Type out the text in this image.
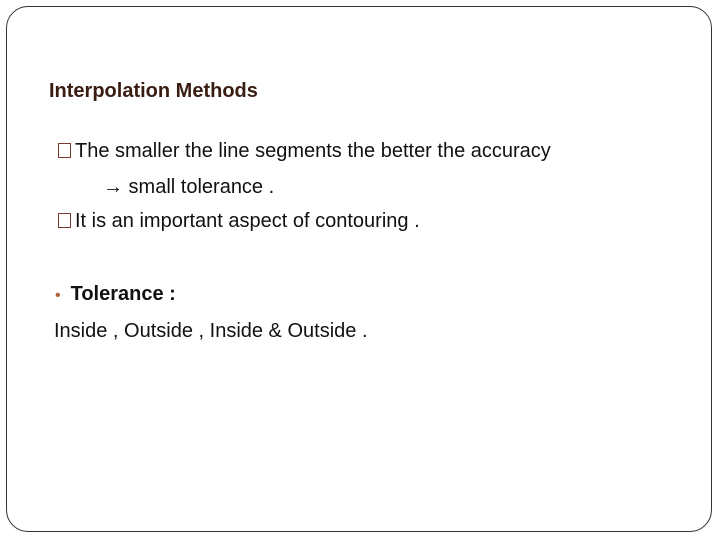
Interpolation Methods
The smaller the line segments the better the accuracy
→ small tolerance .
It is an important aspect of contouring .
• Tolerance :
Inside , Outside , Inside & Outside .
